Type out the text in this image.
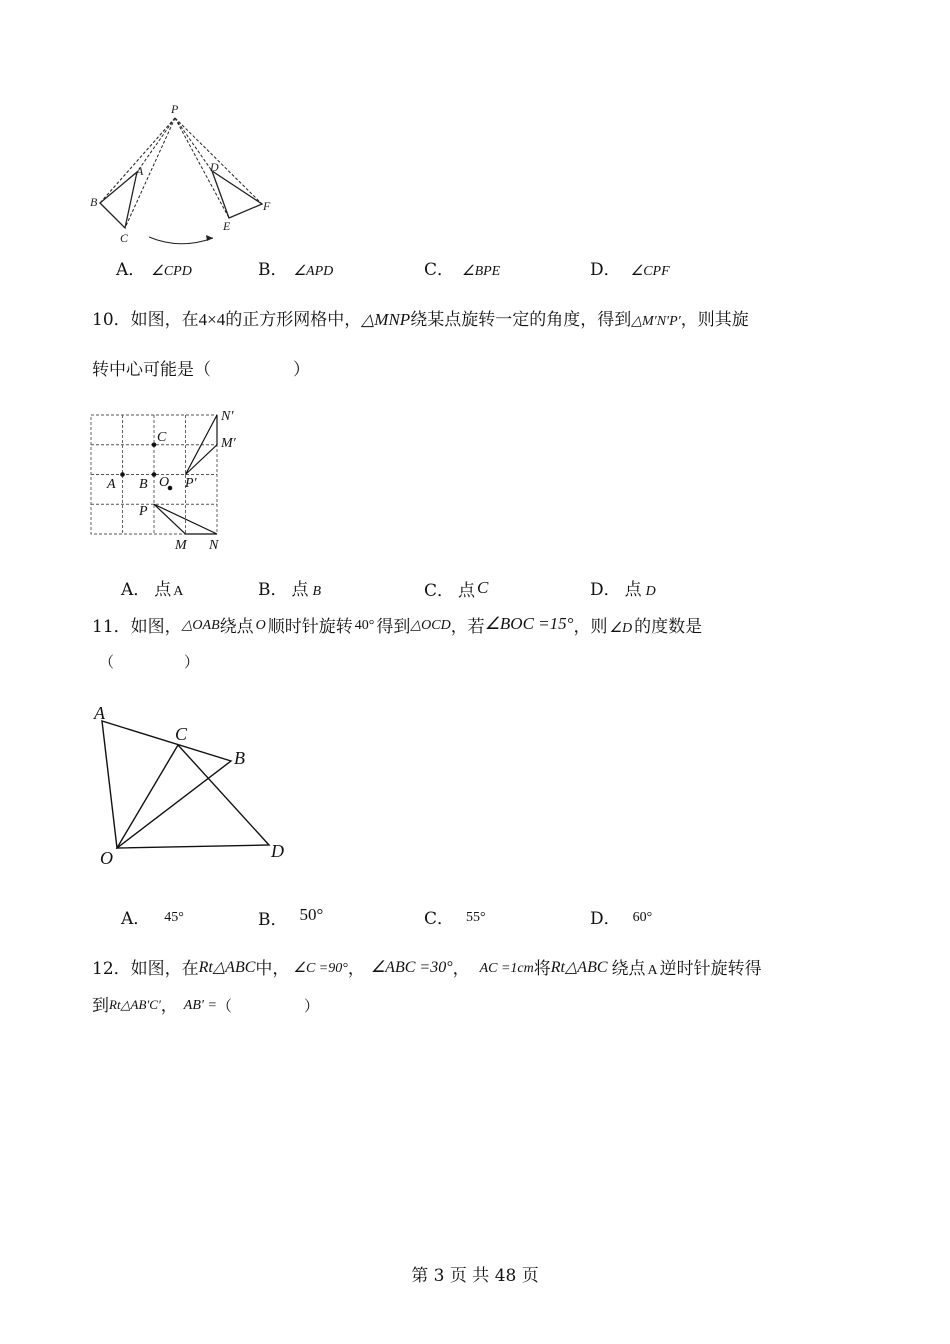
P
A
B
C
D
E
F
A． ∠CPD	B． ∠APD	C． ∠BPE	D． ∠CPF
10．如图，在4×4的正方形网格中，△MNP绕某点旋转一定的角度，得到△M′N′P′，则其旋
转中心可能是（	）
N′
M′
C
A B O P′
P
M N
A． 点 A	B． 点 B	C． 点 C	D． 点 D
11．如图，△OAB绕点 O 顺时针旋转 40° 得到△OCD，若∠BOC =15°，则 ∠D 的度数是
（	）
A
C
B
O	D
A． 45°	B． 50°	C． 55°	D． 60°
12．如图，在Rt△ABC中， ∠C =90°， ∠ABC =30°， AC =1cm将Rt△ABC 绕点 A 逆时针旋转得
到Rt△AB′C′， AB′ =（	）
第 3 页 共 48 页
